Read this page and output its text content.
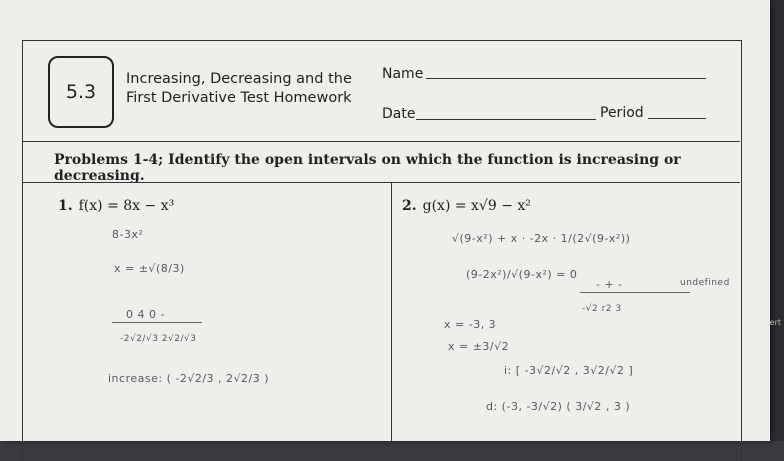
5.3
Increasing, Decreasing and the
First Derivative Test Homework
Name
Date	Period
Problems 1-4; Identify the open intervals on which the function is increasing or decreasing.
1. f(x) = 8x − x³	2. g(x) = x√9 − x²
8-3x²
x = ±√(8/3)
0 4 0 -
-2√2/√3 2√2/√3
increase: ( -2√2/3 , 2√2/3 )
√(9-x²) + x · -2x · 1/(2√(9-x²))
(9-2x²)/√(9-x²) = 0
undefined
- + -
-√2 r2 3
x = -3, 3
x = ±3/√2
i: [ -3√2/√2 , 3√2/√2 ]
d: (-3, -3/√2) ( 3/√2 , 3 )
ert
